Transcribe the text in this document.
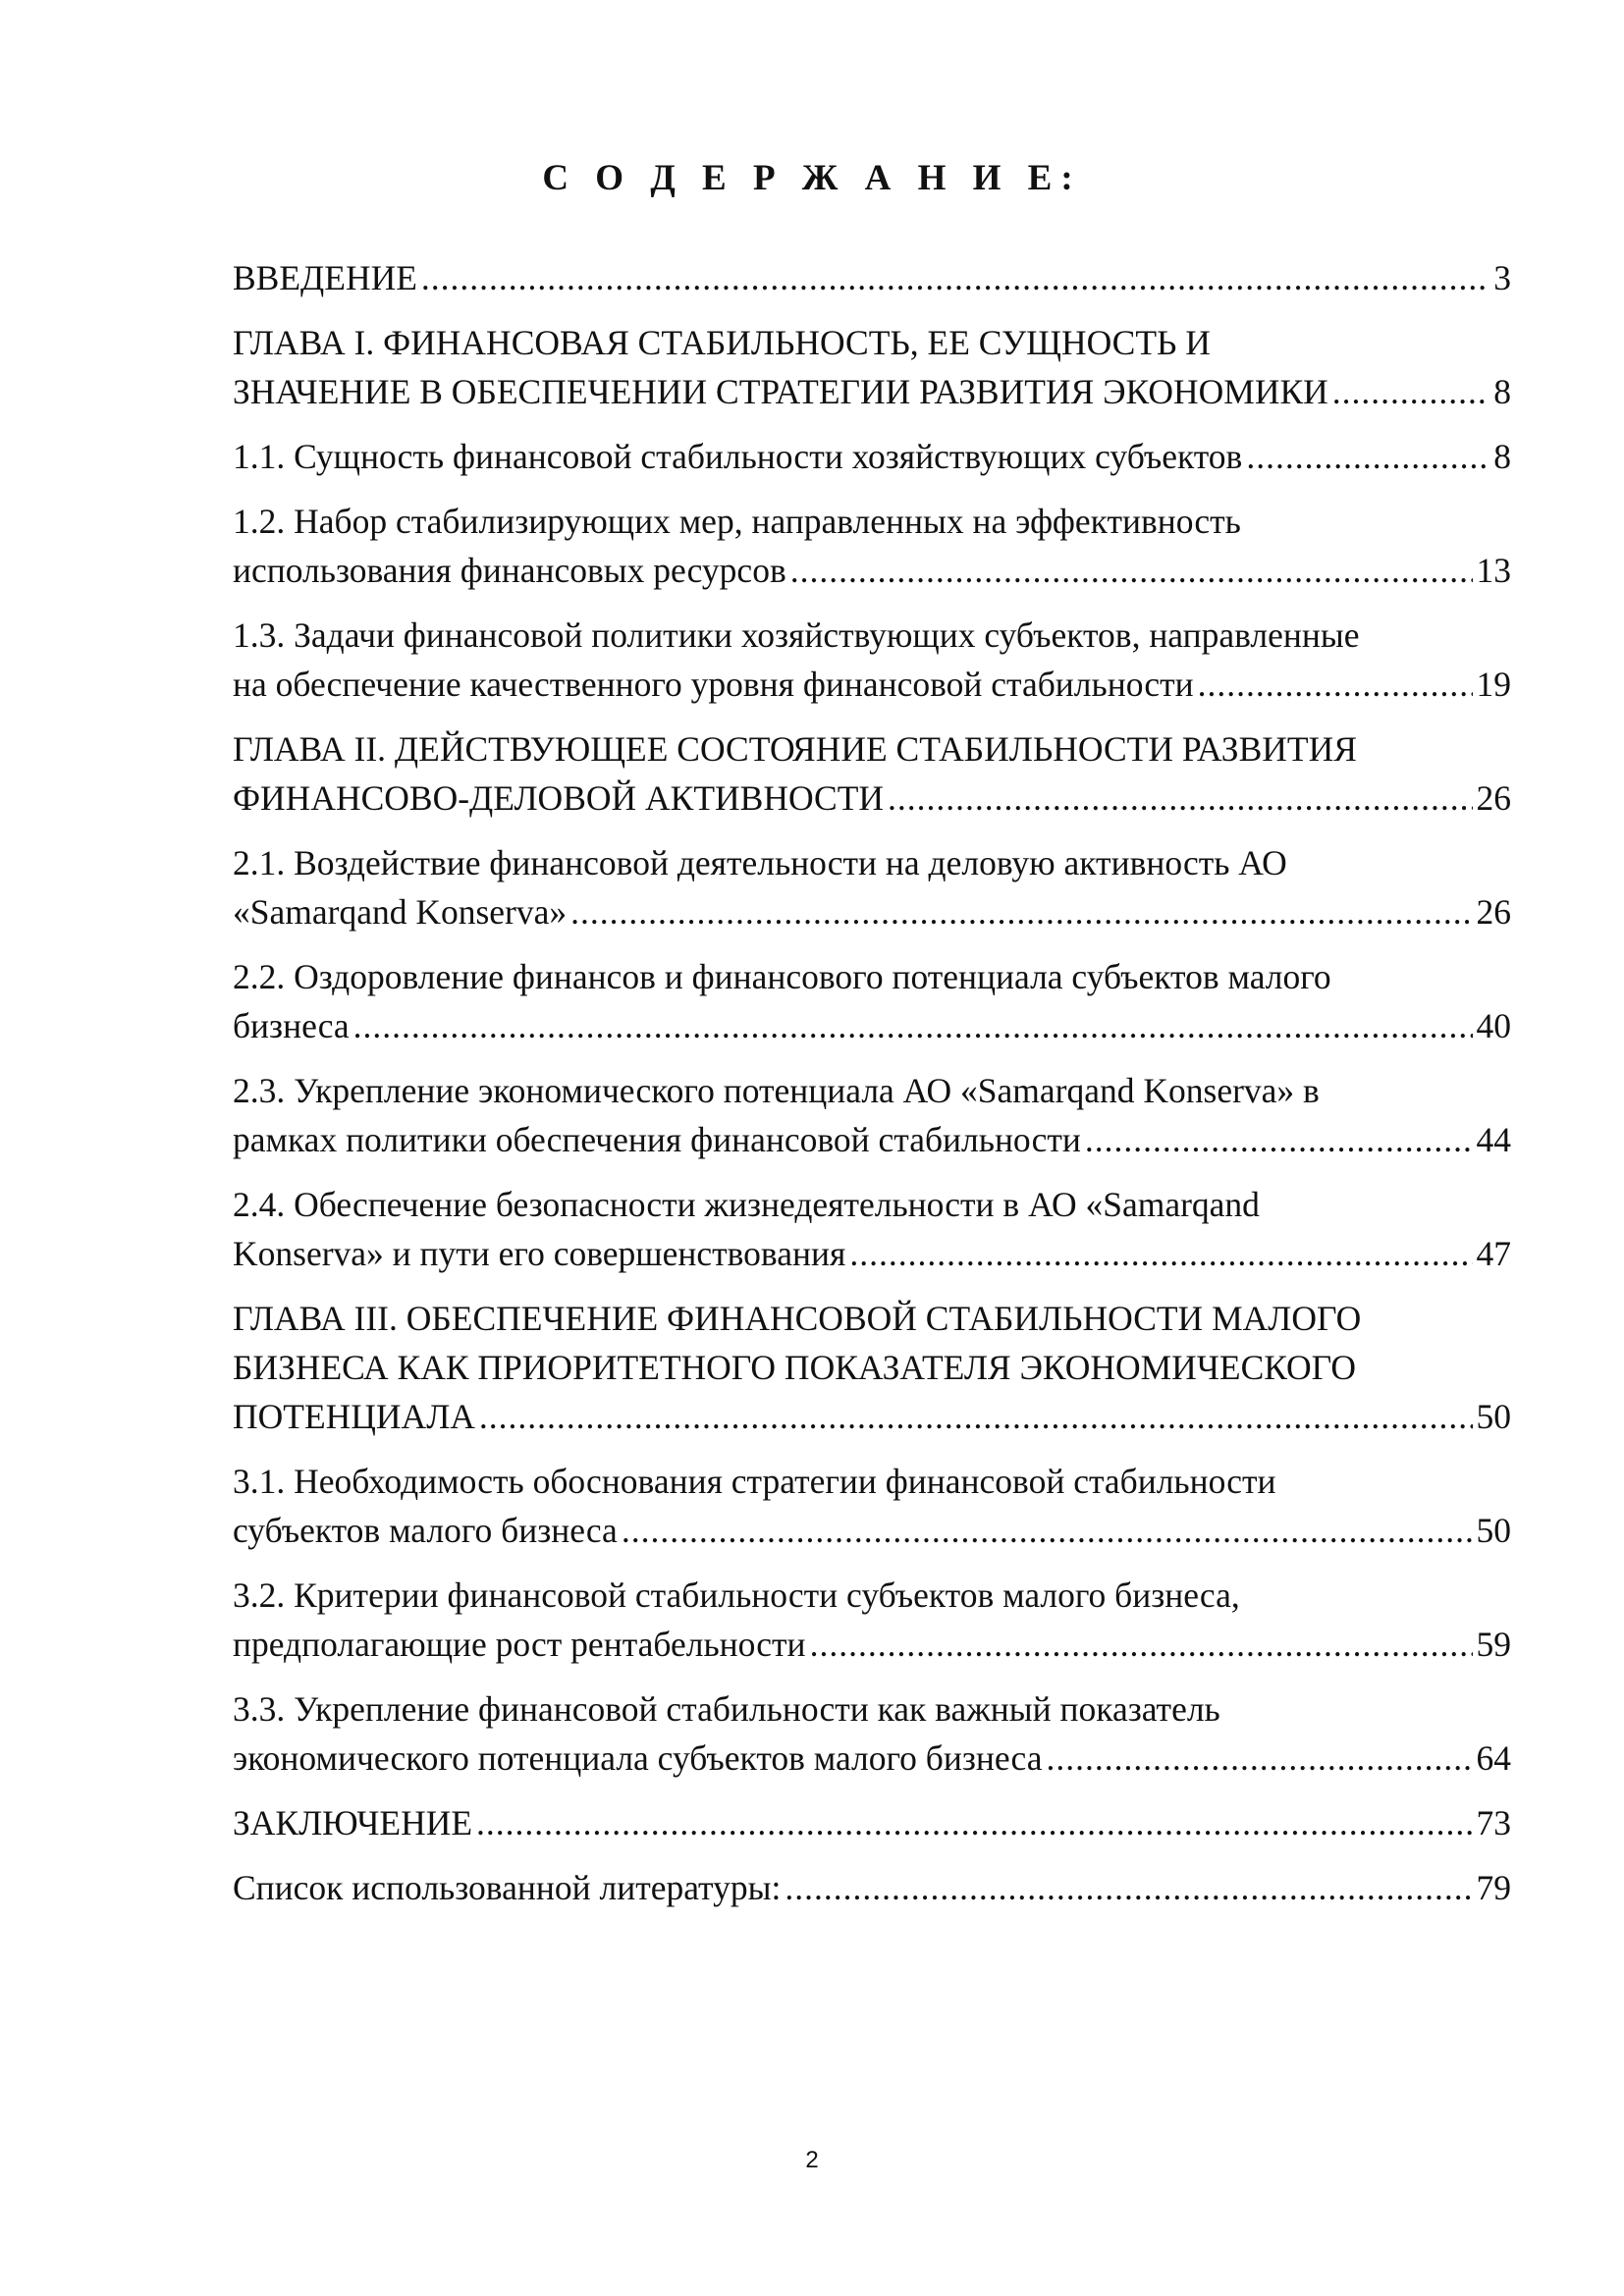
С О Д Е Р Ж А Н И Е:
ВВЕДЕНИЕ .....	3
ГЛАВА I. ФИНАНСОВАЯ СТАБИЛЬНОСТЬ, ЕЕ СУЩНОСТЬ И
ЗНАЧЕНИЕ В ОБЕСПЕЧЕНИИ СТРАТЕГИИ РАЗВИТИЯ ЭКОНОМИКИ .....	8
1.1. Сущность финансовой стабильности хозяйствующих субъектов .....	8
1.2. Набор стабилизирующих мер, направленных на эффективность
использования финансовых ресурсов .....	13
1.3. Задачи финансовой политики хозяйствующих субъектов, направленные
на обеспечение качественного уровня финансовой стабильности .....	19
ГЛАВА II. ДЕЙСТВУЮЩЕЕ СОСТОЯНИЕ СТАБИЛЬНОСТИ РАЗВИТИЯ
ФИНАНСОВО-ДЕЛОВОЙ АКТИВНОСТИ .....	26
2.1. Воздействие финансовой деятельности на деловую активность АО
«Samarqand Konserva» .....	26
2.2. Оздоровление финансов и финансового потенциала субъектов малого
бизнеса .....	40
2.3. Укрепление экономического потенциала АО «Samarqand Konserva» в
рамках политики обеспечения финансовой стабильности .....	44
2.4. Обеспечение безопасности жизнедеятельности в АО «Samarqand
Konserva» и пути его совершенствования .....	47
ГЛАВА III. ОБЕСПЕЧЕНИЕ ФИНАНСОВОЙ СТАБИЛЬНОСТИ МАЛОГО
БИЗНЕСА КАК ПРИОРИТЕТНОГО ПОКАЗАТЕЛЯ ЭКОНОМИЧЕСКОГО
ПОТЕНЦИАЛА .....	50
3.1. Необходимость обоснования стратегии финансовой стабильности
субъектов малого бизнеса .....	50
3.2. Критерии финансовой стабильности субъектов малого бизнеса,
предполагающие рост рентабельности .....	59
3.3. Укрепление финансовой стабильности как важный показатель
экономического потенциала субъектов малого бизнеса .....	64
ЗАКЛЮЧЕНИЕ .....	73
Список использованной литературы: .....	79
2
